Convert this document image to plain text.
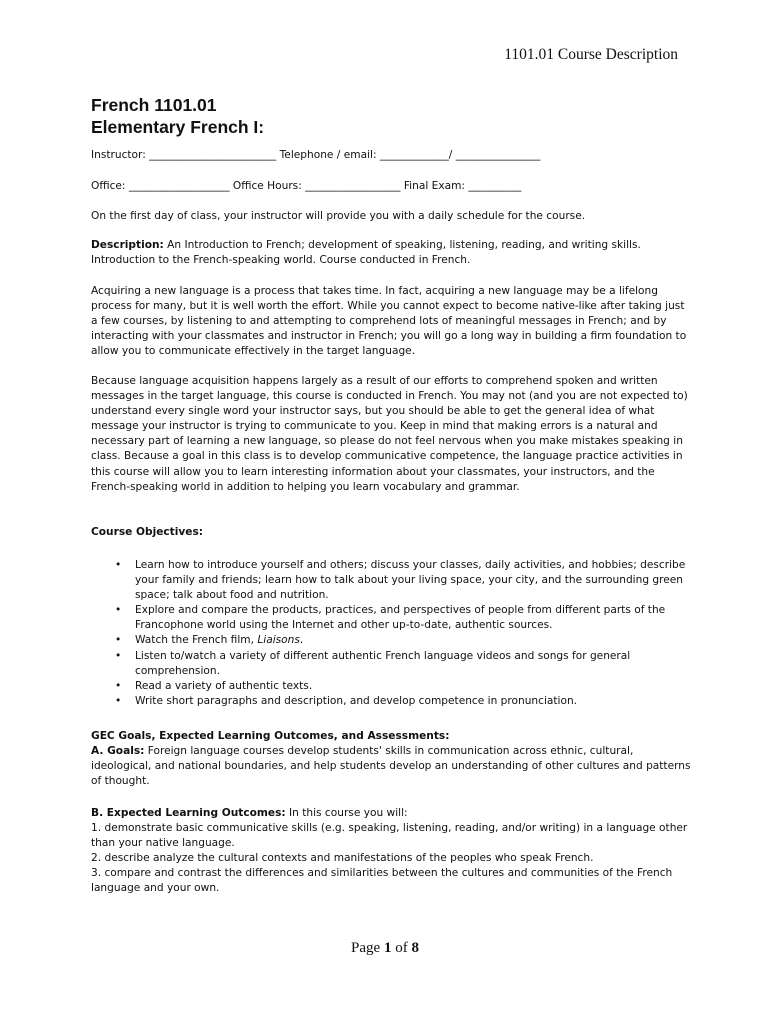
1101.01 Course Description
French 1101.01
Elementary French I:
Instructor: ________________________ Telephone / email: _____________/ ________________
Office: ___________________ Office Hours: __________________ Final Exam: __________
On the first day of class, your instructor will provide you with a daily schedule for the course.
Description: An Introduction to French; development of speaking, listening, reading, and writing skills. Introduction to the French-speaking world. Course conducted in French.
Acquiring a new language is a process that takes time. In fact, acquiring a new language may be a lifelong process for many, but it is well worth the effort. While you cannot expect to become native-like after taking just a few courses, by listening to and attempting to comprehend lots of meaningful messages in French; and by interacting with your classmates and instructor in French; you will go a long way in building a firm foundation to allow you to communicate effectively in the target language.
Because language acquisition happens largely as a result of our efforts to comprehend spoken and written messages in the target language, this course is conducted in French. You may not (and you are not expected to) understand every single word your instructor says, but you should be able to get the general idea of what message your instructor is trying to communicate to you. Keep in mind that making errors is a natural and necessary part of learning a new language, so please do not feel nervous when you make mistakes speaking in class. Because a goal in this class is to develop communicative competence, the language practice activities in this course will allow you to learn interesting information about your classmates, your instructors, and the French-speaking world in addition to helping you learn vocabulary and grammar.
Course Objectives:
• Learn how to introduce yourself and others; discuss your classes, daily activities, and hobbies; describe your family and friends; learn how to talk about your living space, your city, and the surrounding green space; talk about food and nutrition.
• Explore and compare the products, practices, and perspectives of people from different parts of the Francophone world using the Internet and other up-to-date, authentic sources.
• Watch the French film, Liaisons.
• Listen to/watch a variety of different authentic French language videos and songs for general comprehension.
• Read a variety of authentic texts.
• Write short paragraphs and description, and develop competence in pronunciation.

GEC Goals, Expected Learning Outcomes, and Assessments:

A. Goals: Foreign language courses develop students' skills in communication across ethnic, cultural, ideological, and national boundaries, and help students develop an understanding of other cultures and patterns of thought.

B. Expected Learning Outcomes: In this course you will:

1. demonstrate basic communicative skills (e.g. speaking, listening, reading, and/or writing) in a language other than your native language.

2. describe analyze the cultural contexts and manifestations of the peoples who speak French.

3. compare and contrast the differences and similarities between the cultures and communities of the French language and your own.

Page 1 of 8
